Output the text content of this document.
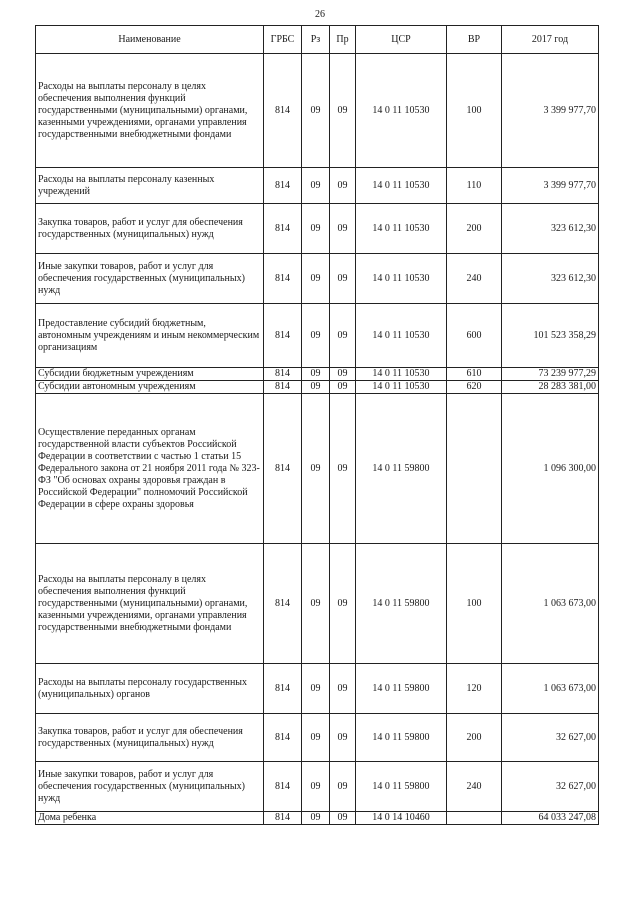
26
Наименование	ГРБС	Рз	Пр	ЦСР	ВР	2017 год
Расходы на выплаты персоналу в целях обеспечения выполнения функций государственными (муниципальными) органами, казенными учреждениями, органами управления государственными внебюджетными фондами	814	09	09	14 0 11 10530	100	3 399 977,70
Расходы на выплаты персоналу казенных учреждений	814	09	09	14 0 11 10530	110	3 399 977,70
Закупка товаров, работ и услуг для обеспечения государственных (муниципальных) нужд	814	09	09	14 0 11 10530	200	323 612,30
Иные закупки товаров, работ и услуг для обеспечения государственных (муниципальных) нужд	814	09	09	14 0 11 10530	240	323 612,30
Предоставление субсидий бюджетным, автономным учреждениям и иным некоммерческим организациям	814	09	09	14 0 11 10530	600	101 523 358,29
Субсидии бюджетным учреждениям	814	09	09	14 0 11 10530	610	73 239 977,29
Субсидии автономным учреждениям	814	09	09	14 0 11 10530	620	28 283 381,00
Осуществление переданных органам государственной власти субъектов Российской Федерации в соответствии с частью 1 статьи 15 Федерального закона от 21 ноября 2011 года № 323-ФЗ "Об основах охраны здоровья граждан в Российской Федерации" полномочий Российской Федерации в сфере охраны здоровья	814	09	09	14 0 11 59800		1 096 300,00
Расходы на выплаты персоналу в целях обеспечения выполнения функций государственными (муниципальными) органами, казенными учреждениями, органами управления государственными внебюджетными фондами	814	09	09	14 0 11 59800	100	1 063 673,00
Расходы на выплаты персоналу государственных (муниципальных) органов	814	09	09	14 0 11 59800	120	1 063 673,00
Закупка товаров, работ и услуг для обеспечения государственных (муниципальных) нужд	814	09	09	14 0 11 59800	200	32 627,00
Иные закупки товаров, работ и услуг для обеспечения государственных (муниципальных) нужд	814	09	09	14 0 11 59800	240	32 627,00
Дома ребенка	814	09	09	14 0 14 10460		64 033 247,08
